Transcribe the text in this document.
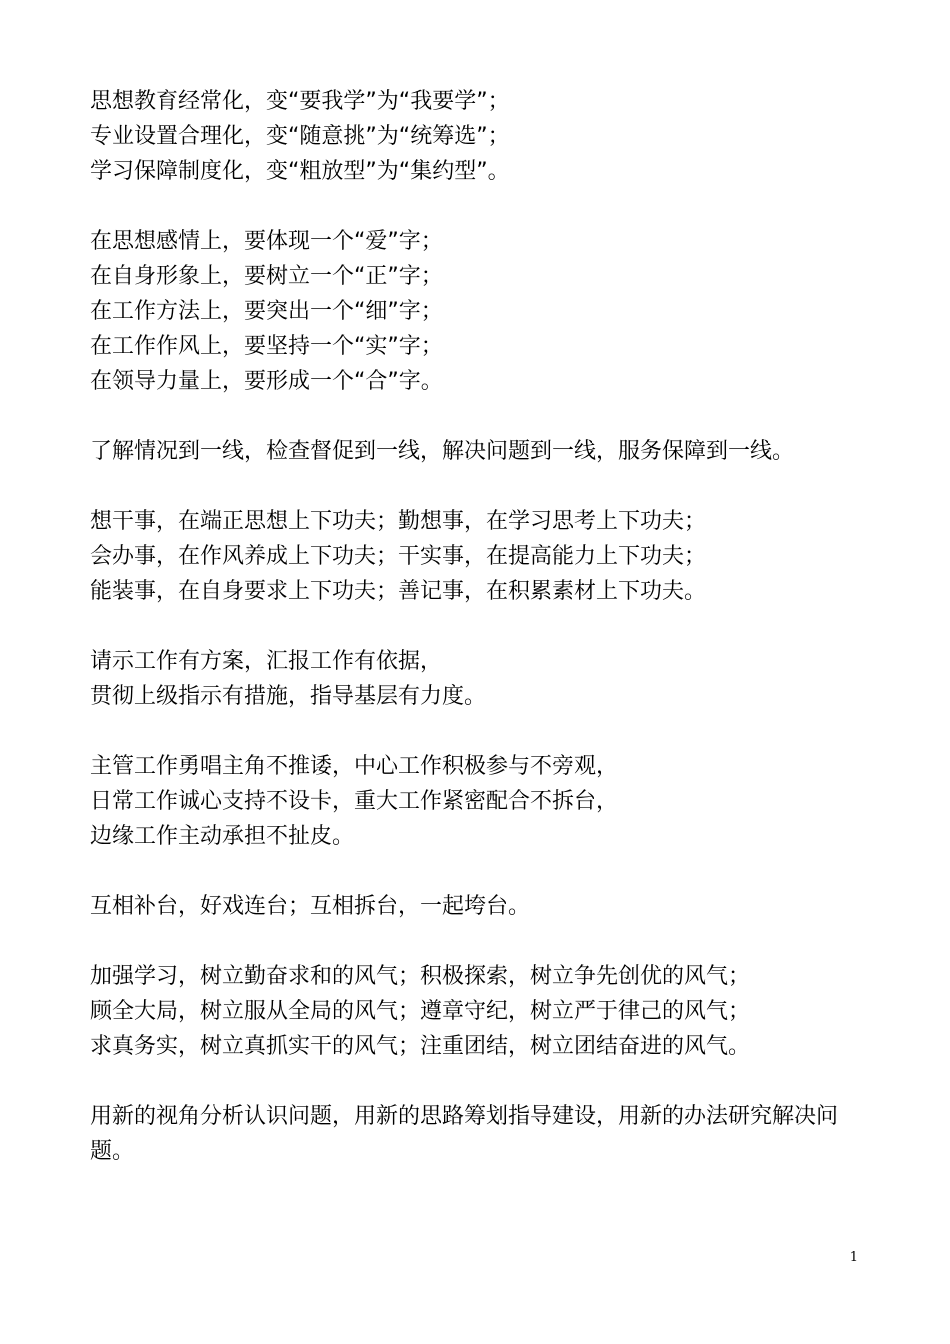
思想教育经常化，变“要我学”为“我要学”；
专业设置合理化，变“随意挑”为“统筹选”；
学习保障制度化，变“粗放型”为“集约型”。
在思想感情上，要体现一个“爱”字；
在自身形象上，要树立一个“正”字；
在工作方法上，要突出一个“细”字；
在工作作风上，要坚持一个“实”字；
在领导力量上，要形成一个“合”字。
了解情况到一线，检查督促到一线，解决问题到一线，服务保障到一线。
想干事，在端正思想上下功夫；勤想事，在学习思考上下功夫；
会办事，在作风养成上下功夫；干实事，在提高能力上下功夫；
能装事，在自身要求上下功夫；善记事，在积累素材上下功夫。
请示工作有方案，汇报工作有依据，
贯彻上级指示有措施，指导基层有力度。
主管工作勇唱主角不推诿，中心工作积极参与不旁观，
日常工作诚心支持不设卡，重大工作紧密配合不拆台，
边缘工作主动承担不扯皮。
互相补台，好戏连台；互相拆台，一起垮台。
加强学习，树立勤奋求和的风气；积极探索，树立争先创优的风气；
顾全大局，树立服从全局的风气；遵章守纪，树立严于律己的风气；
求真务实，树立真抓实干的风气；注重团结，树立团结奋进的风气。
用新的视角分析认识问题，用新的思路筹划指导建设，用新的办法研究解决问
题。
1
